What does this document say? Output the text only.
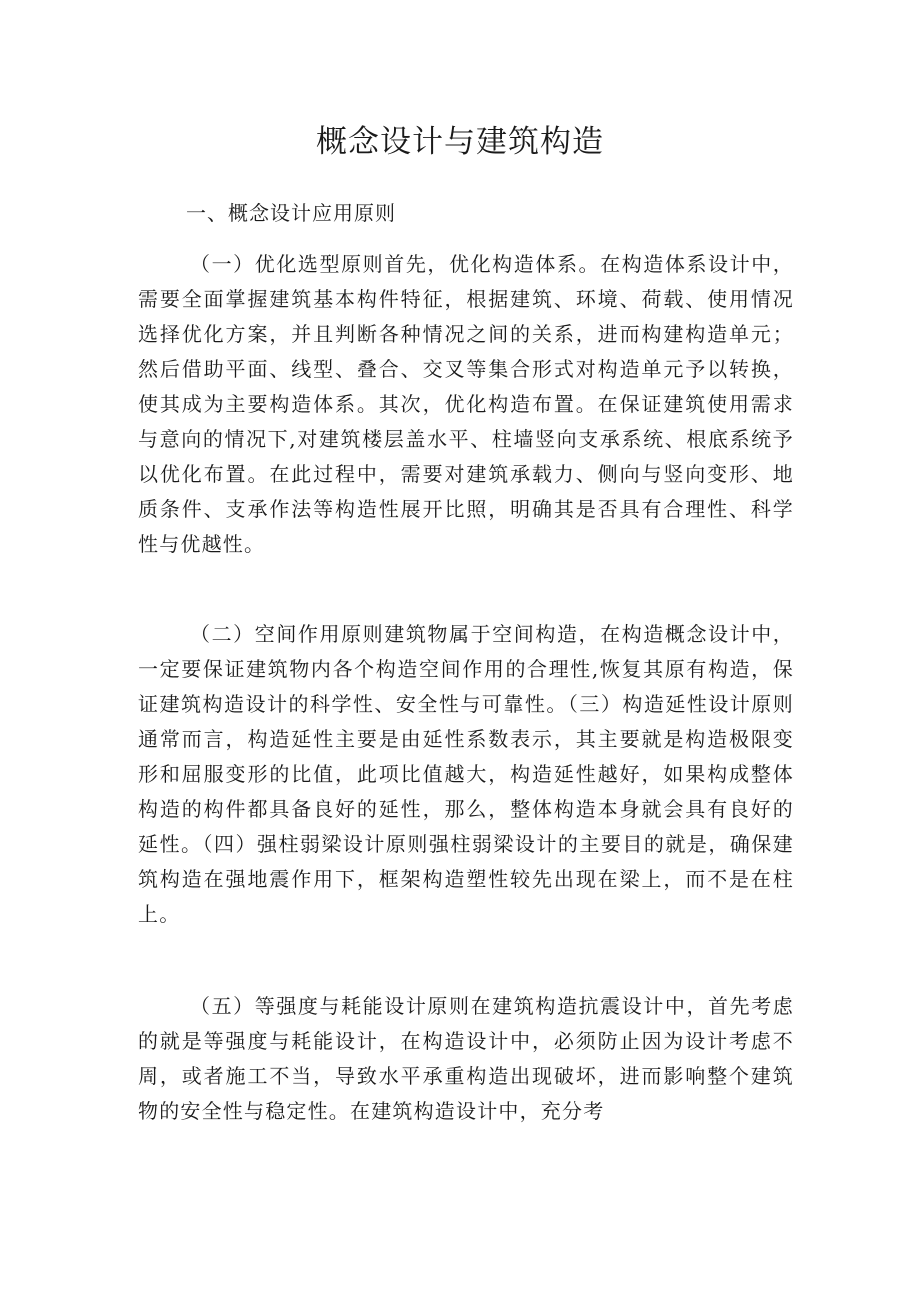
概念设计与建筑构造

一、概念设计应用原则

（一）优化选型原则首先，优化构造体系。在构造体系设计中，需要全面掌握建筑基本构件特征，根据建筑、环境、荷载、使用情况选择优化方案，并且判断各种情况之间的关系，进而构建构造单元；然后借助平面、线型、叠合、交叉等集合形式对构造单元予以转换，使其成为主要构造体系。其次，优化构造布置。在保证建筑使用需求与意向的情况下,对建筑楼层盖水平、柱墙竖向支承系统、根底系统予以优化布置。在此过程中，需要对建筑承载力、侧向与竖向变形、地质条件、支承作法等构造性展开比照，明确其是否具有合理性、科学性与优越性。

（二）空间作用原则建筑物属于空间构造，在构造概念设计中，一定要保证建筑物内各个构造空间作用的合理性,恢复其原有构造，保证建筑构造设计的科学性、安全性与可靠性。（三）构造延性设计原则通常而言，构造延性主要是由延性系数表示，其主要就是构造极限变形和屈服变形的比值，此项比值越大，构造延性越好，如果构成整体构造的构件都具备良好的延性，那么，整体构造本身就会具有良好的延性。（四）强柱弱梁设计原则强柱弱梁设计的主要目的就是，确保建筑构造在强地震作用下，框架构造塑性较先出现在梁上，而不是在柱上。

（五）等强度与耗能设计原则在建筑构造抗震设计中，首先考虑的就是等强度与耗能设计，在构造设计中，必须防止因为设计考虑不周，或者施工不当，导致水平承重构造出现破坏，进而影响整个建筑物的安全性与稳定性。在建筑构造设计中，充分考
